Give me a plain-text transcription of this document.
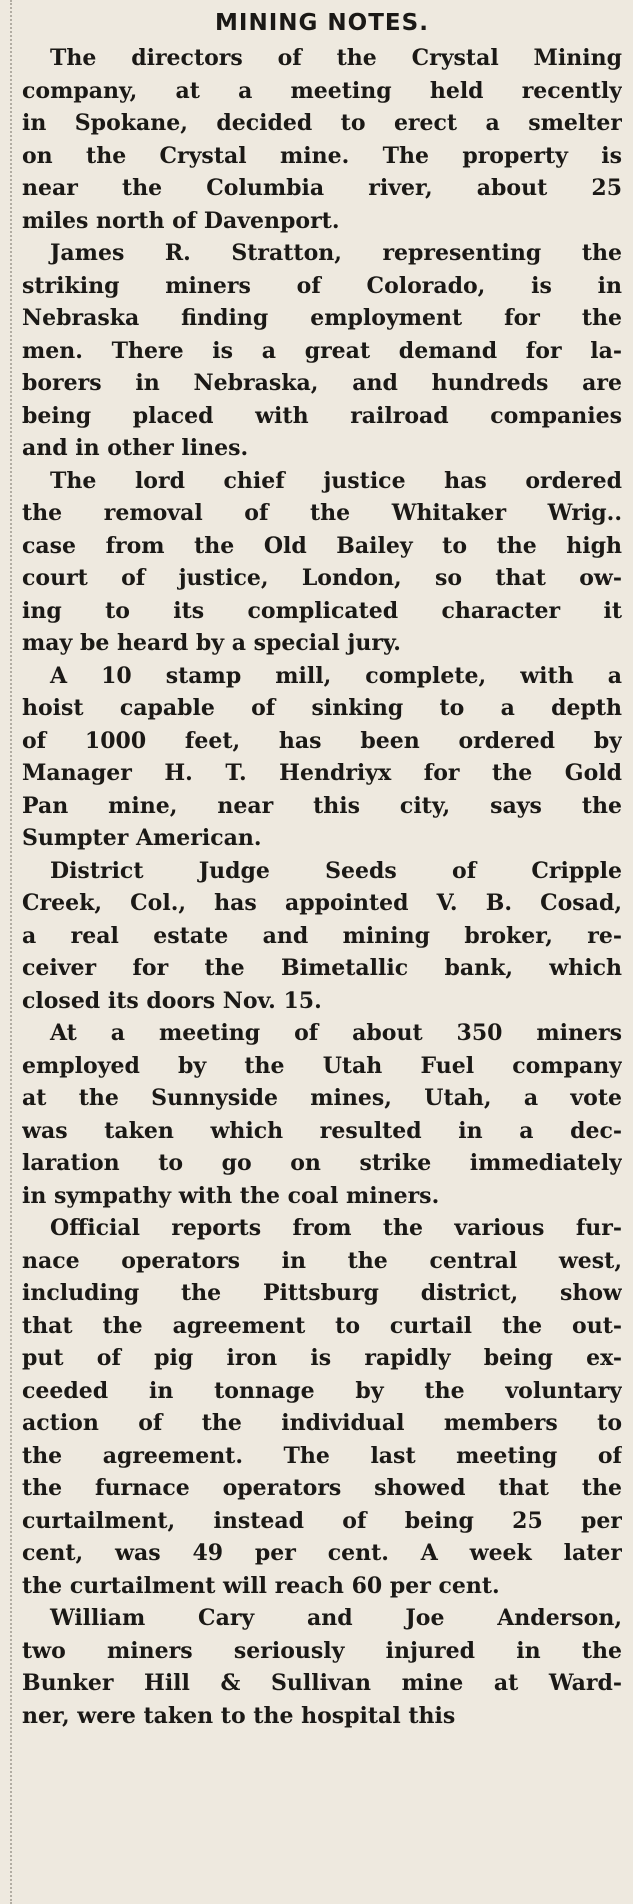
MINING NOTES.
The directors of the Crystal Mining
company, at a meeting held recently
in Spokane, decided to erect a smelter
on the Crystal mine. The property is
near the Columbia river, about 25
miles north of Davenport.
James R. Stratton, representing the
striking miners of Colorado, is in
Nebraska finding employment for the
men. There is a great demand for la-
borers in Nebraska, and hundreds are
being placed with railroad companies
and in other lines.
The lord chief justice has ordered
the removal of the Whitaker Wrig..
case from the Old Bailey to the high
court of justice, London, so that ow-
ing to its complicated character it
may be heard by a special jury.
A 10 stamp mill, complete, with a
hoist capable of sinking to a depth
of 1000 feet, has been ordered by
Manager H. T. Hendriyx for the Gold
Pan mine, near this city, says the
Sumpter American.
District Judge Seeds of Cripple
Creek, Col., has appointed V. B. Cosad,
a real estate and mining broker, re-
ceiver for the Bimetallic bank, which
closed its doors Nov. 15.
At a meeting of about 350 miners
employed by the Utah Fuel company
at the Sunnyside mines, Utah, a vote
was taken which resulted in a dec-
laration to go on strike immediately
in sympathy with the coal miners.
Official reports from the various fur-
nace operators in the central west,
including the Pittsburg district, show
that the agreement to curtail the out-
put of pig iron is rapidly being ex-
ceeded in tonnage by the voluntary
action of the individual members to
the agreement. The last meeting of
the furnace operators showed that the
curtailment, instead of being 25 per
cent, was 49 per cent. A week later
the curtailment will reach 60 per cent.
William Cary and Joe Anderson,
two miners seriously injured in the
Bunker Hill & Sullivan mine at Ward-
ner, were taken to the hospital this
